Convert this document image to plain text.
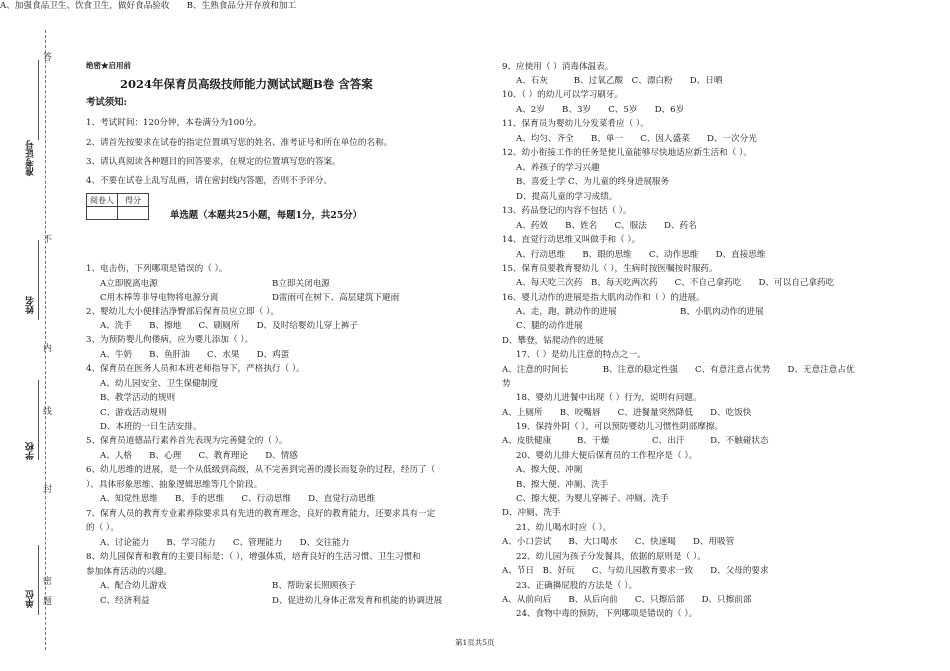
答
不
内
线
封
密
题
准考证号
姓名
学校
单位
绝密★启用前
2024年保育员高级技师能力测试试题B卷 含答案
考试须知:
1、考试时间：120分钟，本卷满分为100分。
2、请首先按要求在试卷的指定位置填写您的姓名、准考证号和所在单位的名称。
3、请认真阅读各种题目的回答要求，在规定的位置填写您的答案。
4、不要在试卷上乱写乱画，请在密封线内答题，否则不予评分。
阅卷人	得分

单选题（本题共25小题，每题1分，共25分）
1、电击伤，下列哪项是错误的（ ）。
A立即脱离电源	B立即关闭电源
C用木棒等非导电物将电源分离	D雷雨可在树下、高层建筑下避雨
2、婴幼儿大小便排洁净臀部后保育员应立即（ ）。
A、洗手　　B、擦地　　C、刷厕所　　D、及时给婴幼儿穿上裤子
3、为预防婴儿佝偻病，应为婴儿添加（ ）。
A、牛奶　　B、鱼肝油　　C、水果　　D、鸡蛋
4、保育员在医务人员和本班老师指导下，严格执行（ ）。
A、幼儿园安全、卫生保健制度
B、教学活动的规则
C、游戏活动规则
D、本班的一日生活安排。
5、保育员道德品行素养首先表现为完善健全的（ ）。
A、人格　　B、心理　　C、教育理论　　D、情感
6、幼儿思维的进展，是一个从低级到高级，从不完善到完善的漫长而复杂的过程，经历了（
）、具体形象思维、抽象逻辑思维等几个阶段。
A、知觉性思维　　B、手的思维　　C、行动思维　　D、直觉行动思维
7、保育人员的教育专业素养除要求具有先进的教育理念，良好的教育能力，还要求具有一定
的（ ）。
A、讨论能力　　B、学习能力　　C、管理能力　　D、交往能力
8、幼儿园保育和教育的主要目标是：（ ），增强体质，培育良好的生活习惯、卫生习惯和
参加体育活动的兴趣。
A、配合幼儿游戏	B、帮助家长照顾孩子
C、经济利益	D、促进幼儿身体正常发育和机能的协调进展
9、应使用（ ）消毒体温表。
A、石灰　　　B、过氧乙酸　C、漂白粉　　D、日晒
10、（ ）的幼儿可以学习刷牙。
A、2岁　　B、3岁　　C、5岁　　D、6岁
11、保育员为婴幼儿分发菜肴应（ ）。
A、均匀、齐全　　B、单一　　C、因人盛菜　　D、一次分光
12、幼小衔接工作的任务是使儿童能够尽快地适应新生活和（ ）。
A、养孩子的学习兴趣
B、喜爱上学 C、为儿童的终身进展服务
D、提高儿童的学习成绩。
13、药品登记的内容不包括（ ）。
A、药效　　B、姓名　　C、服法　　D、药名
14、直觉行动思维又叫做手和（ ）。
A、行动思维　　B、眼的思维　　C、动作思维　　D、直接思维
15、保育员要教育婴幼儿（ ），生病时按医嘱按时服药。
A、每天吃三次药　B、每天吃两次药　　C、不自己拿药吃　　D、可以自己拿药吃
16、婴儿动作的进展是指大肌肉动作和（ ）的进展。
A、走，跑，跳动作的进展	B、小肌肉动作的进展
C、腿的动作进展
D、攀登，钻爬动作的进展
17、（ ）是幼儿注意的特点之一。
A、注意的时间长　　　　B、注意的稳定性强　　C、有意注意占优势　　D、无意注意占优
势
18、婴幼儿进餐中出现（ ）行为，说明有问题。
A、上厕所　　B、咬嘴唇　　C、进餐量突然降低　　D、吃饭快
19、保持外阴（ ），可以预防婴幼儿习惯性阴部摩擦。
A、皮肤健康　　　B、干燥　　　　　C、出汗　　　D、不触碰状态
20、婴幼儿排大便后保育员的工作程序是（ ）。
A、擦大便、冲厕
B、擦大便、冲厕、洗手
C、擦大便、为婴儿穿裤子、冲厕、洗手
D、冲厕、洗手
21、幼儿喝水时应（ ）。
A、小口尝试　　B、大口喝水　　C、快速喝　　D、用吸管
22、幼儿园为孩子分发餐具，依据的原则是（ ）。
A、节日　B、好玩　　C、与幼儿园教育要求一致　　D、父母的要求
23、正确擤屁股的方法是（ ）。
A、从前向后　　B、从后向前　　C、只擦后部　　D、只擦前部
24、食物中毒的预防，下列哪项是错误的（ ）。
A、加强食品卫生、饮食卫生，做好食品验收　　B、生熟食品分开存放和加工
第1页共5页
